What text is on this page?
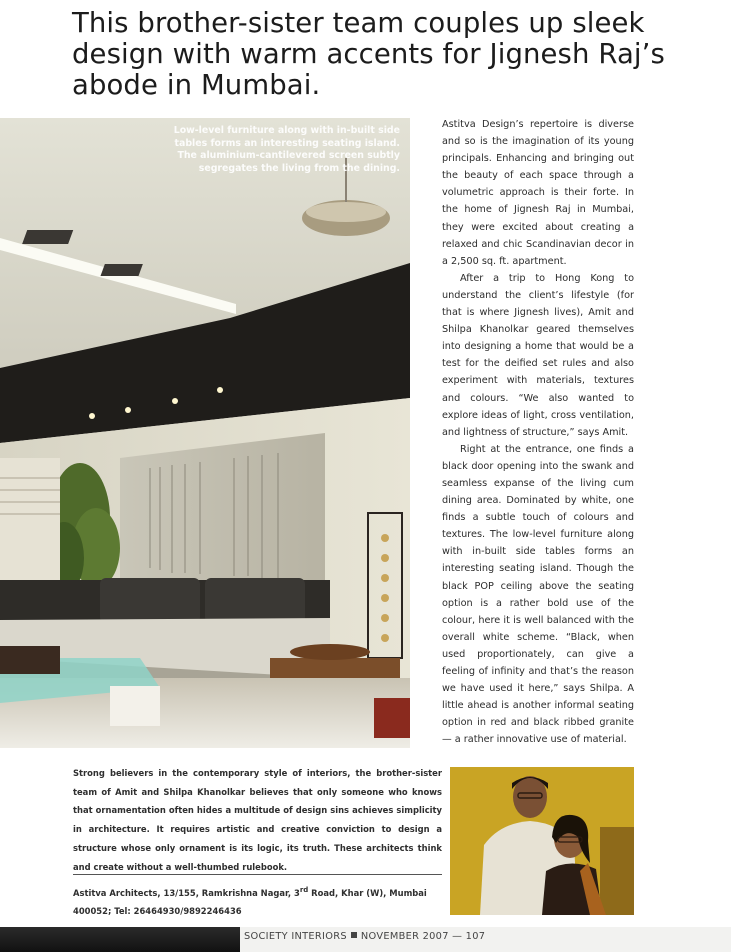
This brother-sister team couples up sleek design with warm accents for Jignesh Raj’s abode in Mumbai.

Low-level furniture along with in-built side tables forms an interesting seating island. The aluminium-cantilevered screen subtly segregates the living from the dining.

Astitva Design’s repertoire is diverse and so is the imagination of its young principals. Enhancing and bringing out the beauty of each space through a volumetric approach is their forte. In the home of Jignesh Raj in Mumbai, they were excited about creating a relaxed and chic Scandinavian decor in a 2,500 sq. ft. apartment.

After a trip to Hong Kong to understand the client’s lifestyle (for that is where Jignesh lives), Amit and Shilpa Khanolkar geared themselves into designing a home that would be a test for the deified set rules and also experiment with materials, textures and colours. “We also wanted to explore ideas of light, cross ventilation, and lightness of structure,” says Amit.

Right at the entrance, one finds a black door opening into the swank and seamless expanse of the living cum dining area. Dominated by white, one finds a subtle touch of colours and textures. The low-level furniture along with in-built side tables forms an interesting seating island. Though the black POP ceiling above the seating option is a rather bold use of the colour, here it is well balanced with the overall white scheme. “Black, when used proportionately, can give a feeling of infinity and that’s the reason we have used it here,” says Shilpa. A little ahead is another informal seating option in red and black ribbed granite — a rather innovative use of material.

Strong believers in the contemporary style of interiors, the brother-sister team of Amit and Shilpa Khanolkar believes that only someone who knows that ornamentation often hides a multitude of design sins achieves simplicity in architecture. It requires artistic and creative conviction to design a structure whose only ornament is its logic, its truth. These architects think and create without a well-thumbed rulebook.

Astitva Architects, 13/155, Ramkrishna Nagar, 3rd Road, Khar (W), Mumbai 400052; Tel: 26464930/9892246436

SOCIETY INTERIORS NOVEMBER 2007 — 107
